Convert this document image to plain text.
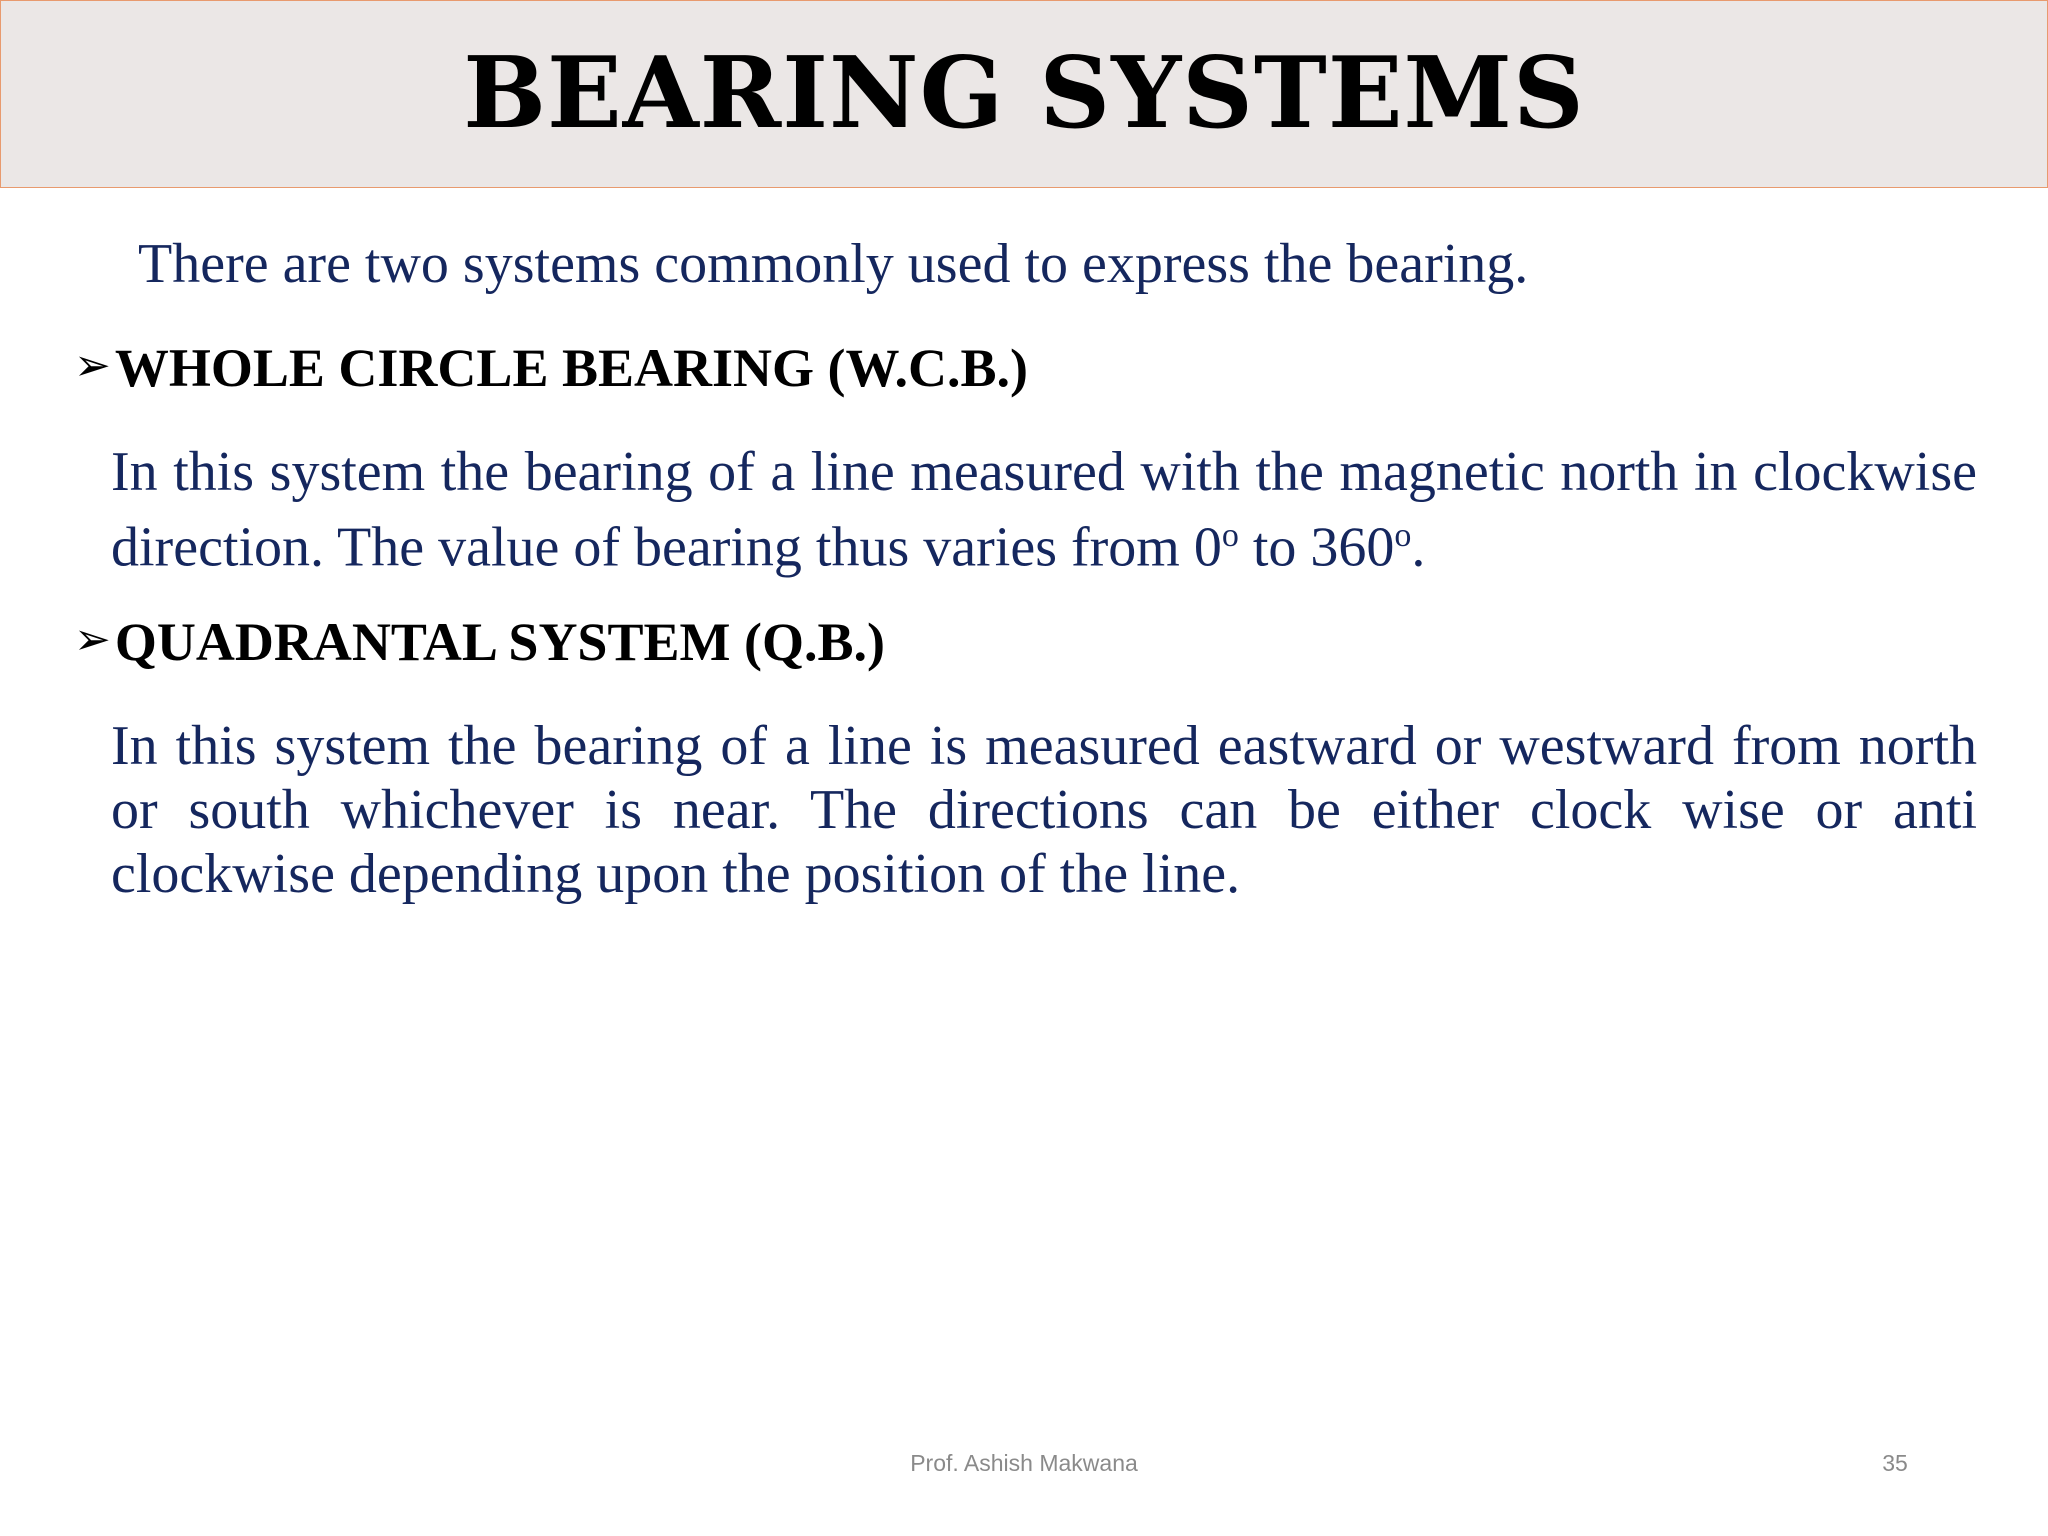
BEARING SYSTEMS
There are two systems commonly used to express the bearing.
➢ WHOLE CIRCLE BEARING (W.C.B.)
In this system the bearing of a line measured with the magnetic north in clockwise direction. The value of bearing thus varies from 0$^o$ to 360$^o$.
➢ QUADRANTAL SYSTEM (Q.B.)
In this system the bearing of a line is measured eastward or westward from north or south whichever is near. The directions can be either clock wise or anti clockwise depending upon the position of the line.
Prof. Ashish Makwana	35
